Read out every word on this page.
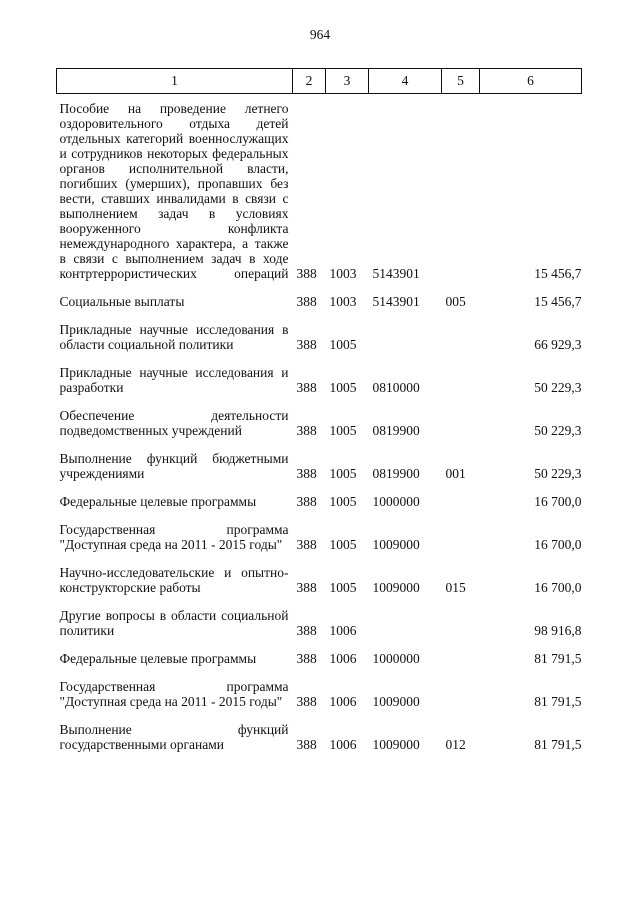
964
1	2	3	4	5	6
Пособие на проведение летнего оздоровительного отдыха детей отдельных категорий военнослужащих и сотрудников некоторых федеральных органов исполнительной власти, погибших (умерших), пропавших без вести, ставших инвалидами в связи с выполнением задач в условиях вооруженного конфликта немеждународного характера, а также в связи с выполнением задач в ходе контртеррористических операций	388	1003	5143901		15 456,7
Социальные выплаты	388	1003	5143901	005	15 456,7
Прикладные научные исследования в области социальной политики	388	1005			66 929,3
Прикладные научные исследования и разработки	388	1005	0810000		50 229,3
Обеспечение деятельности подведомственных учреждений	388	1005	0819900		50 229,3
Выполнение функций бюджетными учреждениями	388	1005	0819900	001	50 229,3
Федеральные целевые программы	388	1005	1000000		16 700,0
Государственная программа "Доступная среда на 2011 - 2015 годы"	388	1005	1009000		16 700,0
Научно-исследовательские и опытно-конструкторские работы	388	1005	1009000	015	16 700,0
Другие вопросы в области социальной политики	388	1006			98 916,8
Федеральные целевые программы	388	1006	1000000		81 791,5
Государственная программа "Доступная среда на 2011 - 2015 годы"	388	1006	1009000		81 791,5
Выполнение функций государственными органами	388	1006	1009000	012	81 791,5
